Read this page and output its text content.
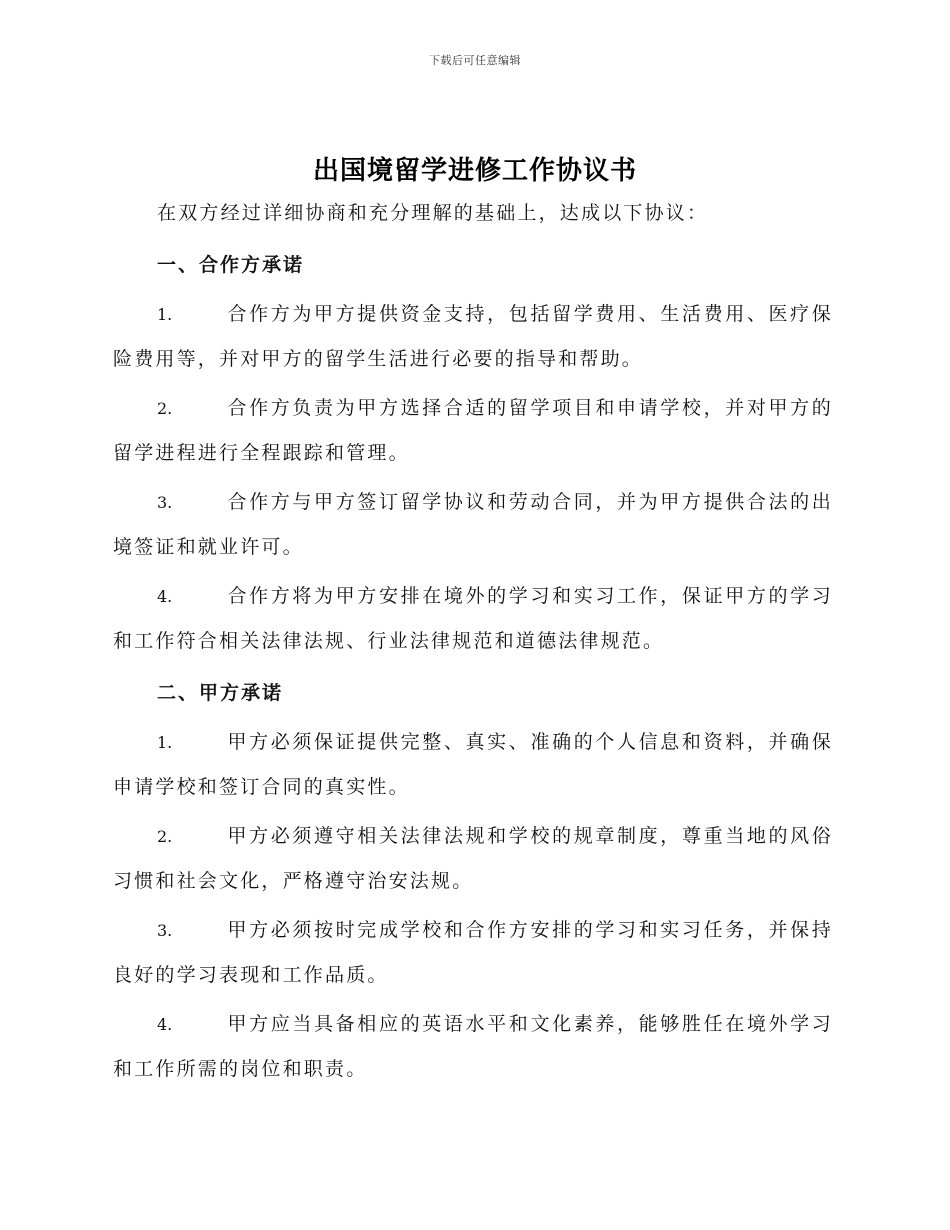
下载后可任意编辑
出国境留学进修工作协议书
在双方经过详细协商和充分理解的基础上，达成以下协议：
一、合作方承诺
1.	合作方为甲方提供资金支持，包括留学费用、生活费用、医疗保险费用等，并对甲方的留学生活进行必要的指导和帮助。
2.	合作方负责为甲方选择合适的留学项目和申请学校，并对甲方的留学进程进行全程跟踪和管理。
3.	合作方与甲方签订留学协议和劳动合同，并为甲方提供合法的出境签证和就业许可。
4.	合作方将为甲方安排在境外的学习和实习工作，保证甲方的学习和工作符合相关法律法规、行业法律规范和道德法律规范。
二、甲方承诺
1.	甲方必须保证提供完整、真实、准确的个人信息和资料，并确保申请学校和签订合同的真实性。
2.	甲方必须遵守相关法律法规和学校的规章制度，尊重当地的风俗习惯和社会文化，严格遵守治安法规。
3.	甲方必须按时完成学校和合作方安排的学习和实习任务，并保持良好的学习表现和工作品质。
4.	甲方应当具备相应的英语水平和文化素养，能够胜任在境外学习和工作所需的岗位和职责。
